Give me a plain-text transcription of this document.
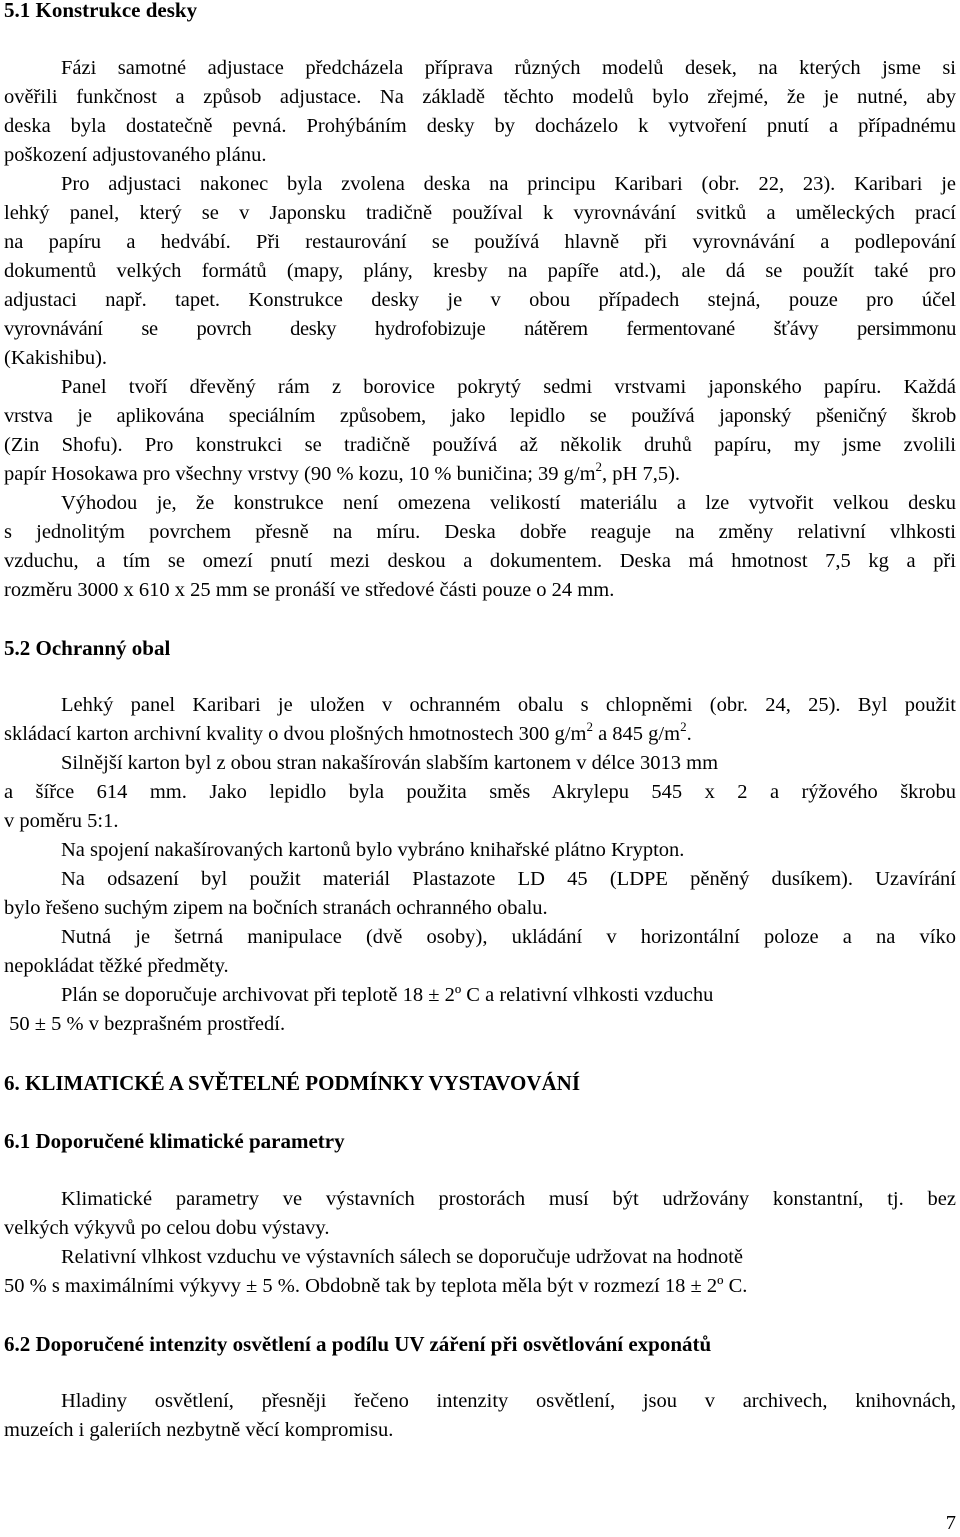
5.1 Konstrukce desky
Fázi samotné adjustace předcházela příprava různých modelů desek, na kterých jsme si
ověřili funkčnost a způsob adjustace. Na základě těchto modelů bylo zřejmé, že je nutné, aby
deska byla dostatečně pevná. Prohýbáním desky by docházelo k vytvoření pnutí a případnému
poškození adjustovaného plánu.
Pro adjustaci nakonec byla zvolena deska na principu Karibari (obr. 22, 23). Karibari je
lehký panel, který se v Japonsku tradičně používal k vyrovnávání svitků a uměleckých prací
na papíru a hedvábí. Při restaurování se používá hlavně při vyrovnávání a podlepování
dokumentů velkých formátů (mapy, plány, kresby na papíře atd.), ale dá se použít také pro
adjustaci např. tapet. Konstrukce desky je v obou případech stejná, pouze pro účel
vyrovnávání se povrch desky hydrofobizuje nátěrem fermentované šťávy persimmonu
(Kakishibu).
Panel tvoří dřevěný rám z borovice pokrytý sedmi vrstvami japonského papíru. Každá
vrstva je aplikována speciálním způsobem, jako lepidlo se používá japonský pšeničný škrob
(Zin Shofu). Pro konstrukci se tradičně používá až několik druhů papíru, my jsme zvolili
papír Hosokawa pro všechny vrstvy (90 % kozu, 10 % buničina; 39 $g/m^2$, pH 7,5).
Výhodou je, že konstrukce není omezena velikostí materiálu a lze vytvořit velkou desku
s jednolitým povrchem přesně na míru. Deska dobře reaguje na změny relativní vlhkosti
vzduchu, a tím se omezí pnutí mezi deskou a dokumentem. Deska má hmotnost 7,5 kg a při
rozměru 3000 x 610 x 25 mm se pronáší ve středové části pouze o 24 mm.
5.2 Ochranný obal
Lehký panel Karibari je uložen v ochranném obalu s chlopněmi (obr. 24, 25). Byl použit
skládací karton archivní kvality o dvou plošných hmotnostech 300 $g/m^2$ a 845 $g/m^2$.
Silnější karton byl z obou stran nakašírován slabším kartonem v délce 3013 mm
a šířce 614 mm. Jako lepidlo byla použita směs Akrylepu 545 x 2 a rýžového škrobu
v poměru 5:1.
Na spojení nakašírovaných kartonů bylo vybráno knihařské plátno Krypton.
Na odsazení byl použit materiál Plastazote LD 45 (LDPE pěněný dusíkem). Uzavírání
bylo řešeno suchým zipem na bočních stranách ochranného obalu.
Nutná je šetrná manipulace (dvě osoby), ukládání v horizontální poloze a na víko
nepokládat těžké předměty.
Plán se doporučuje archivovat při teplotě 18 ± 2º C a relativní vlhkosti vzduchu
50 ± 5 % v bezprašném prostředí.
6. KLIMATICKÉ A SVĚTELNÉ PODMÍNKY VYSTAVOVÁNÍ
6.1 Doporučené klimatické parametry
Klimatické parametry ve výstavních prostorách musí být udržovány konstantní, tj. bez
velkých výkyvů po celou dobu výstavy.
Relativní vlhkost vzduchu ve výstavních sálech se doporučuje udržovat na hodnotě
50 % s maximálními výkyvy ± 5 %. Obdobně tak by teplota měla být v rozmezí 18 ± 2º C.
6.2 Doporučené intenzity osvětlení a podílu UV záření při osvětlování exponátů
Hladiny osvětlení, přesněji řečeno intenzity osvětlení, jsou v archivech, knihovnách,
muzeích i galeriích nezbytně věcí kompromisu.
7
